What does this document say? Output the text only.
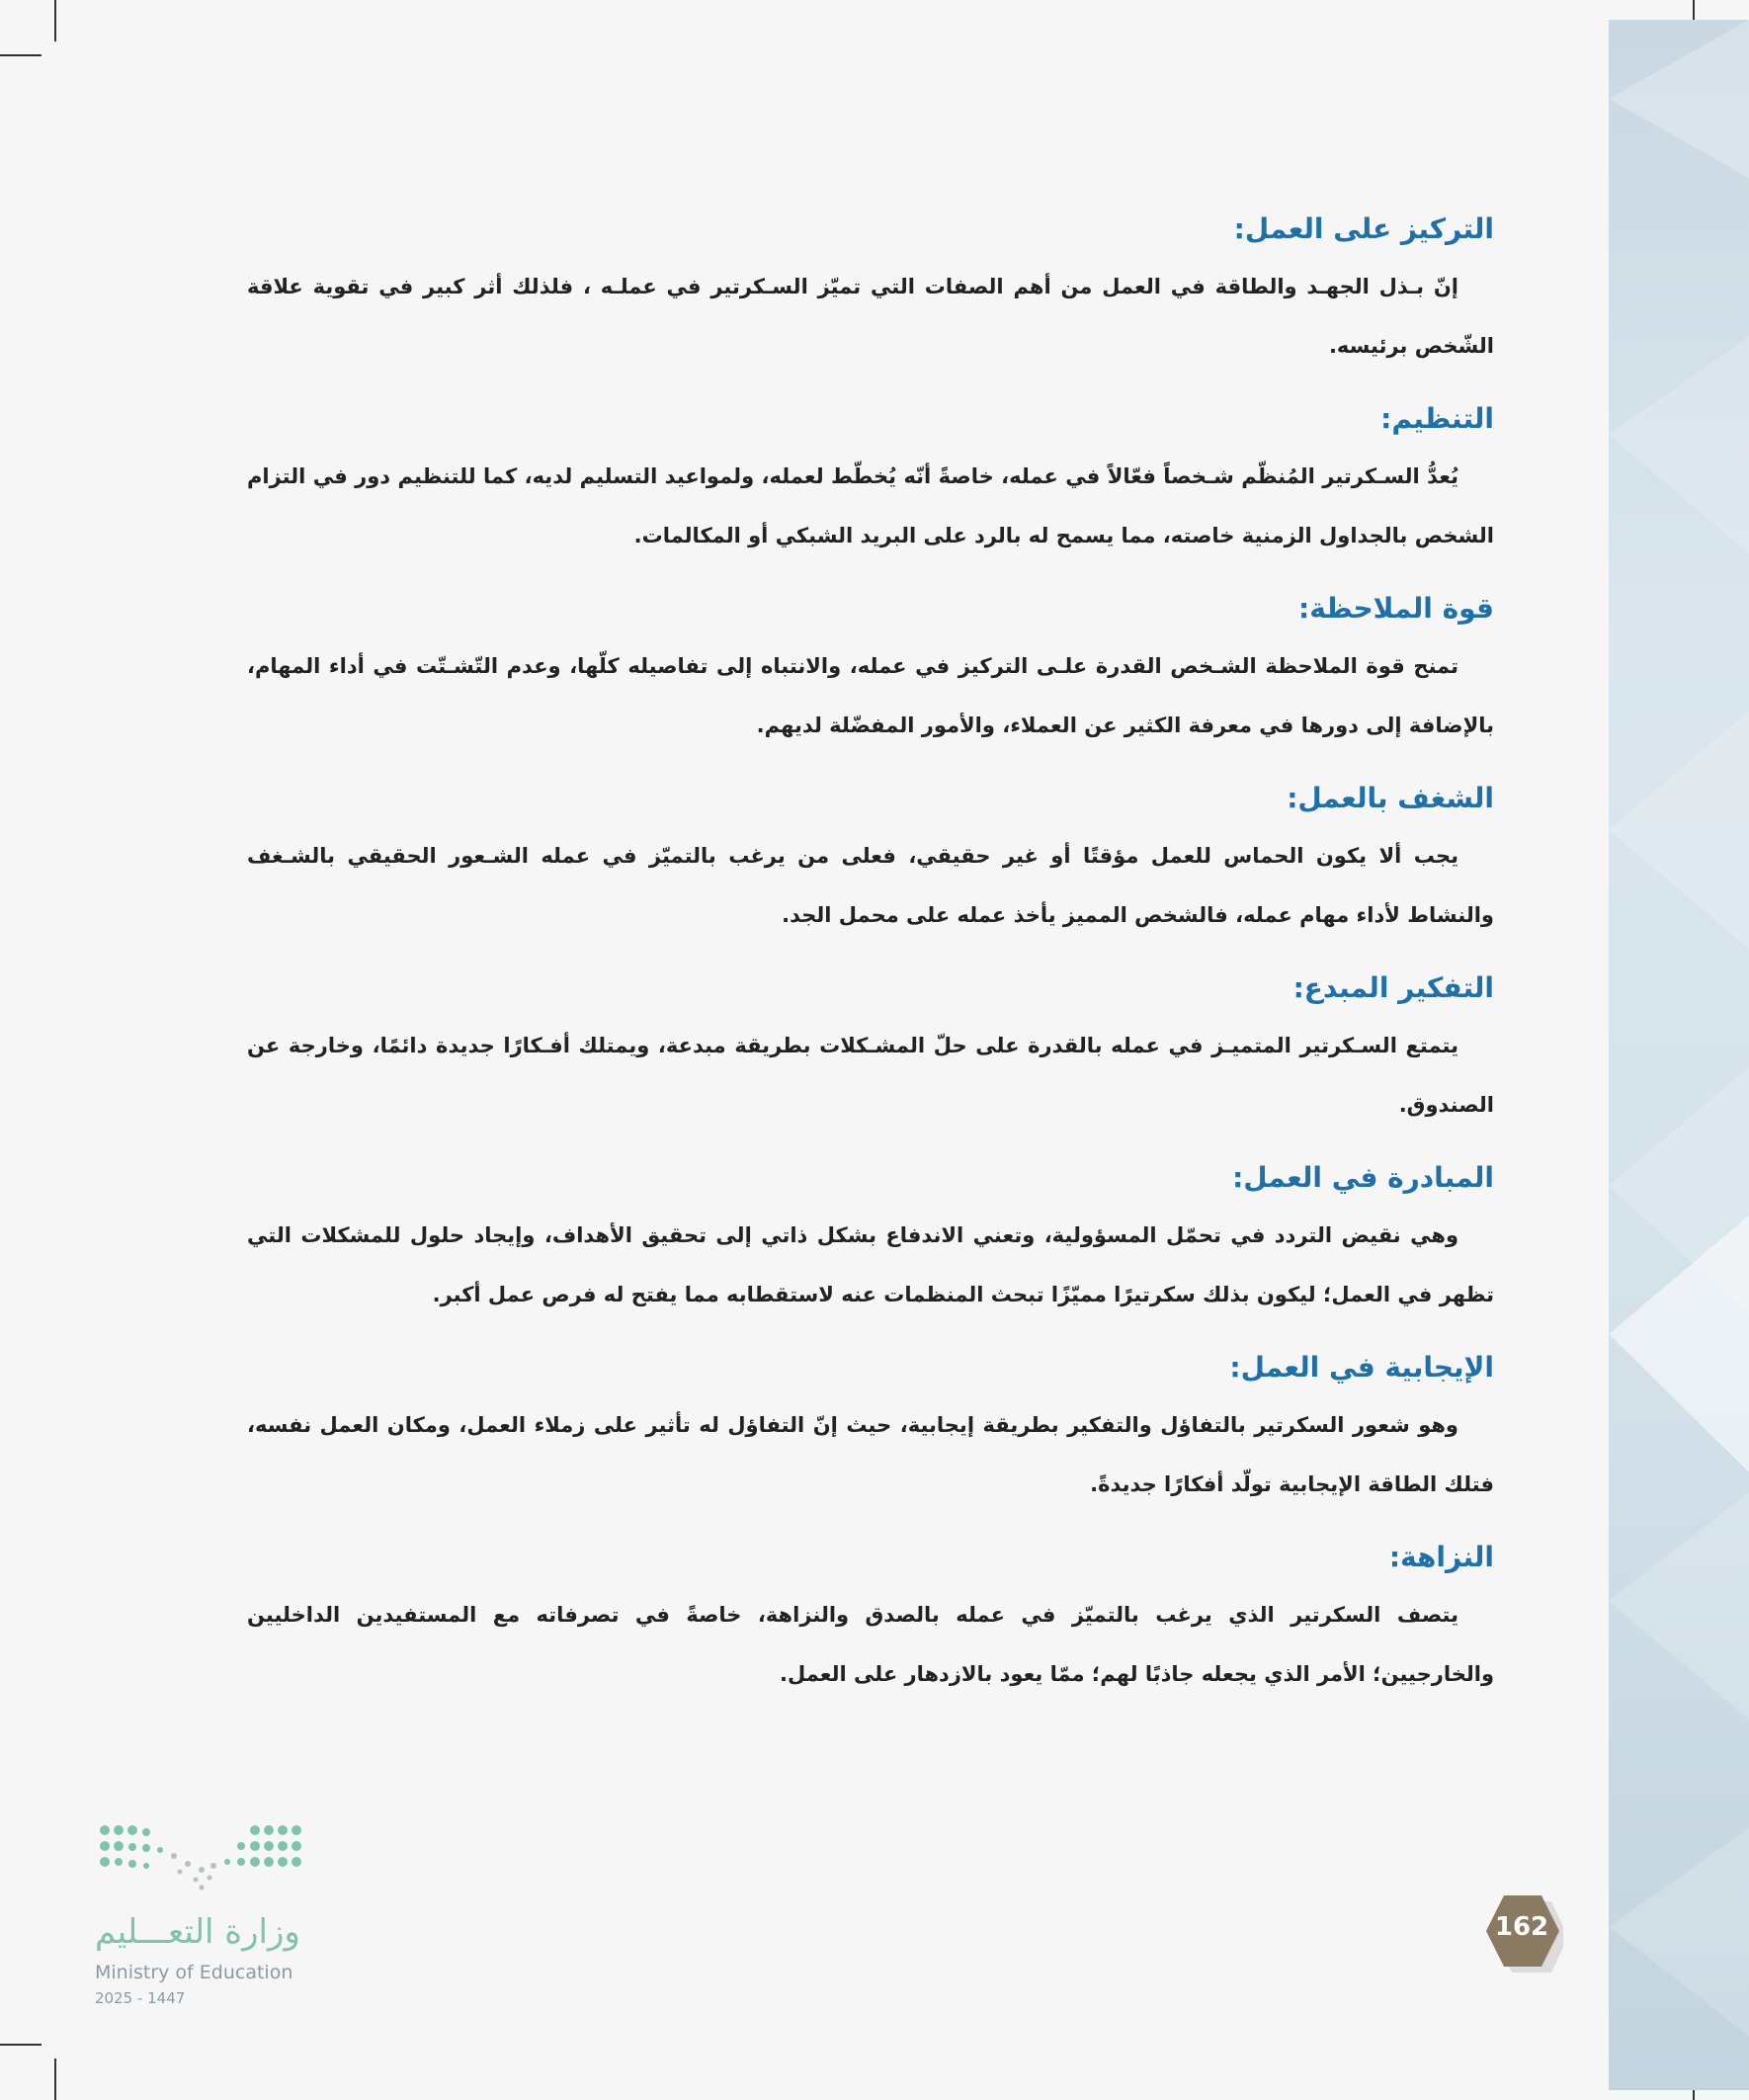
التركيز على العمل:

إنّ بـذل الجهـد والطاقة في العمل من أهم الصفات التي تميّز السـكرتير في عملـه ، فلذلك أثر كبير في تقوية علاقة الشّخص برئيسه.

التنظيم:

يُعدُّ السـكرتير المُنظّم شـخصاً فعّالاً في عمله، خاصةً أنّه يُخطّط لعمله، ولمواعيد التسليم لديه، كما للتنظيم دور في التزام الشخص بالجداول الزمنية خاصته، مما يسمح له بالرد على البريد الشبكي أو المكالمات.

قوة الملاحظة:

تمنح قوة الملاحظة الشـخص القدرة علـى التركيز في عمله، والانتباه إلى تفاصيله كلّها، وعدم التّشـتّت في أداء المهام، بالإضافة إلى دورها في معرفة الكثير عن العملاء، والأمور المفضّلة لديهم.

الشغف بالعمل:

يجب ألا يكون الحماس للعمل مؤقتًا أو غير حقيقي، فعلى من يرغب بالتميّز في عمله الشـعور الحقيقي بالشـغف والنشاط لأداء مهام عمله، فالشخص المميز يأخذ عمله على محمل الجد.

التفكير المبدع:

يتمتع السـكرتير المتميـز في عمله بالقدرة على حلّ المشـكلات بطريقة مبدعة، ويمتلك أفـكارًا جديدة دائمًا، وخارجة عن الصندوق.

المبادرة في العمل:

وهي نقيض التردد في تحمّل المسؤولية، وتعني الاندفاع بشكل ذاتي إلى تحقيق الأهداف، وإيجاد حلول للمشكلات التي تظهر في العمل؛ ليكون بذلك سكرتيرًا مميّزًا تبحث المنظمات عنه لاستقطابه مما يفتح له فرص عمل أكبر.

الإيجابية في العمل:

وهو شعور السكرتير بالتفاؤل والتفكير بطريقة إيجابية، حيث إنّ التفاؤل له تأثير على زملاء العمل، ومكان العمل نفسه، فتلك الطاقة الإيجابية تولّد أفكارًا جديدةً.

النزاهة:

يتصف السكرتير الذي يرغب بالتميّز في عمله بالصدق والنزاهة، خاصةً في تصرفاته مع المستفيدين الداخليين والخارجيين؛ الأمر الذي يجعله جاذبًا لهم؛ ممّا يعود بالازدهار على العمل.

162
وزارة التعـــليم
Ministry of Education
2025 - 1447
